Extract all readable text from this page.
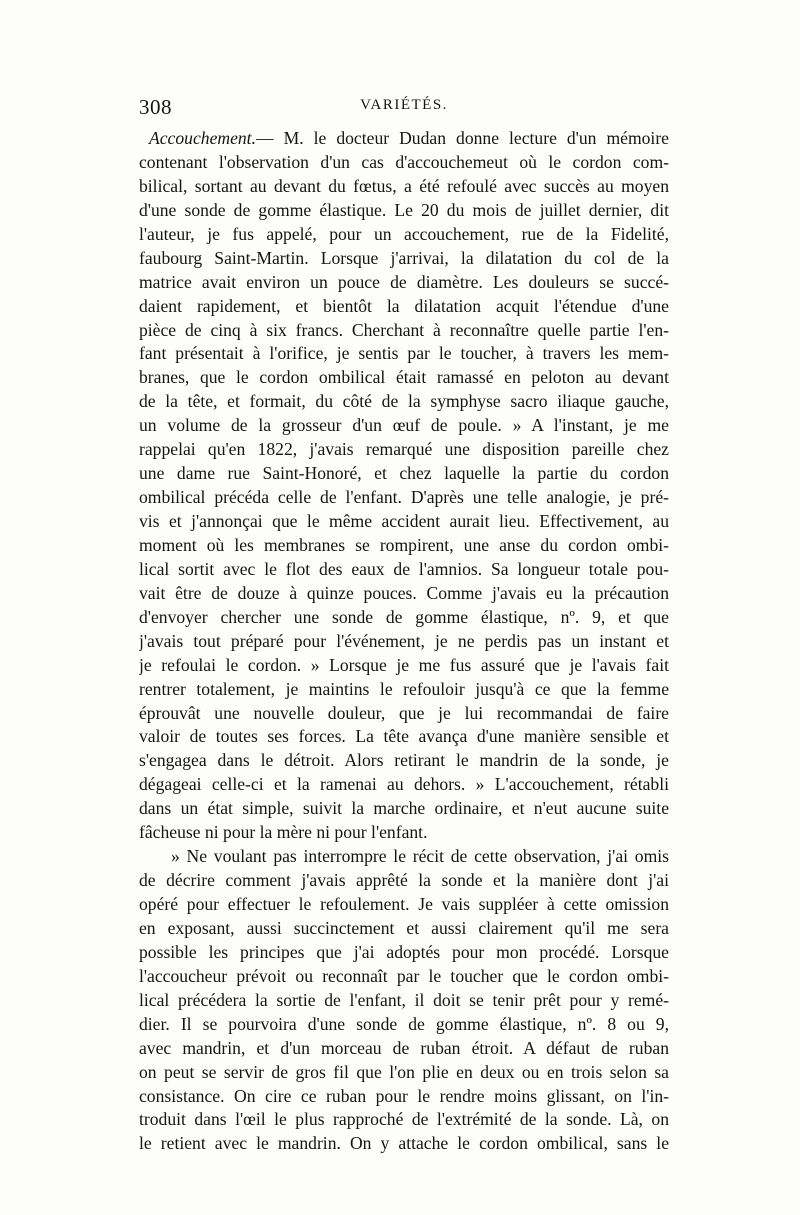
308	VARIÉTÉS.
Accouchement.— M. le docteur Dudan donne lecture d'un mémoire
contenant l'observation d'un cas d'accouchemeut où le cordon com-
bilical, sortant au devant du fœtus, a été refoulé avec succès au moyen
d'une sonde de gomme élastique. Le 20 du mois de juillet dernier, dit
l'auteur, je fus appelé, pour un accouchement, rue de la Fidelité,
faubourg Saint-Martin. Lorsque j'arrivai, la dilatation du col de la
matrice avait environ un pouce de diamètre. Les douleurs se succé-
daient rapidement, et bientôt la dilatation acquit l'étendue d'une
pièce de cinq à six francs. Cherchant à reconnaître quelle partie l'en-
fant présentait à l'orifice, je sentis par le toucher, à travers les mem-
branes, que le cordon ombilical était ramassé en peloton au devant
de la tête, et formait, du côté de la symphyse sacro iliaque gauche,
un volume de la grosseur d'un œuf de poule. » A l'instant, je me
rappelai qu'en 1822, j'avais remarqué une disposition pareille chez
une dame rue Saint-Honoré, et chez laquelle la partie du cordon
ombilical précéda celle de l'enfant. D'après une telle analogie, je pré-
vis et j'annonçai que le même accident aurait lieu. Effectivement, au
moment où les membranes se rompirent, une anse du cordon ombi-
lical sortit avec le flot des eaux de l'amnios. Sa longueur totale pou-
vait être de douze à quinze pouces. Comme j'avais eu la précaution
d'envoyer chercher une sonde de gomme élastique, nº. 9, et que
j'avais tout préparé pour l'événement, je ne perdis pas un instant et
je refoulai le cordon. » Lorsque je me fus assuré que je l'avais fait
rentrer totalement, je maintins le refouloir jusqu'à ce que la femme
éprouvât une nouvelle douleur, que je lui recommandai de faire
valoir de toutes ses forces. La tête avança d'une manière sensible et
s'engagea dans le détroit. Alors retirant le mandrin de la sonde, je
dégageai celle-ci et la ramenai au dehors. » L'accouchement, rétabli
dans un état simple, suivit la marche ordinaire, et n'eut aucune suite
fâcheuse ni pour la mère ni pour l'enfant.
» Ne voulant pas interrompre le récit de cette observation, j'ai omis
de décrire comment j'avais apprêté la sonde et la manière dont j'ai
opéré pour effectuer le refoulement. Je vais suppléer à cette omission
en exposant, aussi succinctement et aussi clairement qu'il me sera
possible les principes que j'ai adoptés pour mon procédé. Lorsque
l'accoucheur prévoit ou reconnaît par le toucher que le cordon ombi-
lical précédera la sortie de l'enfant, il doit se tenir prêt pour y remé-
dier. Il se pourvoira d'une sonde de gomme élastique, nº. 8 ou 9,
avec mandrin, et d'un morceau de ruban étroit. A défaut de ruban
on peut se servir de gros fil que l'on plie en deux ou en trois selon sa
consistance. On cire ce ruban pour le rendre moins glissant, on l'in-
troduit dans l'œil le plus rapproché de l'extrémité de la sonde. Là, on
le retient avec le mandrin. On y attache le cordon ombilical, sans le
